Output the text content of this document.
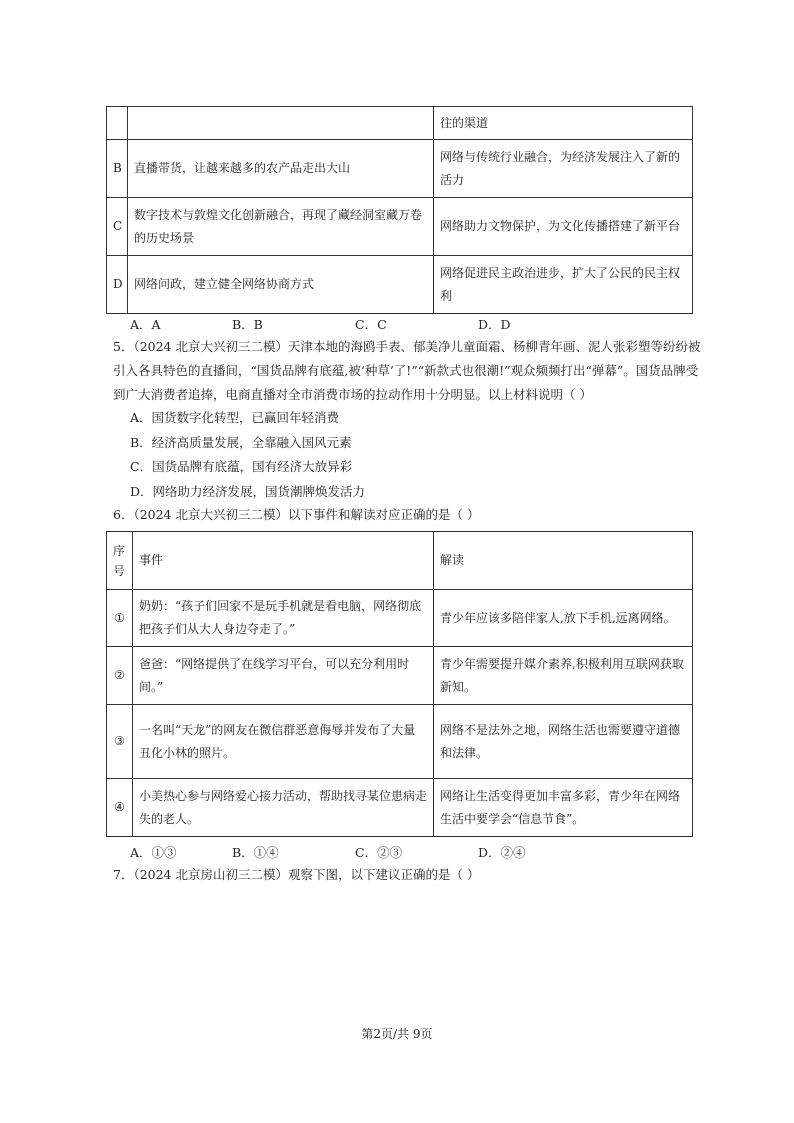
		往的渠道
B	直播带货，让越来越多的农产品走出大山	网络与传统行业融合，为经济发展注入了新的活力
C	数字技术与敦煌文化创新融合，再现了藏经洞室藏万卷的历史场景	网络助力文物保护，为文化传播搭建了新平台
D	网络问政，建立健全网络协商方式	网络促进民主政治进步，扩大了公民的民主权利
A．A	B．B	C．C	D．D
5．（2024 北京大兴初三二模）天津本地的海鸥手表、郁美净儿童面霜、杨柳青年画、泥人张彩塑等纷纷被
引入各具特色的直播间，“国货品牌有底蕴,被‘种草’了!”“新款式也很潮!”观众频频打出“弹幕”。国货品牌受
到广大消费者追捧，电商直播对全市消费市场的拉动作用十分明显。以上材料说明（ ）
A．国货数字化转型，已赢回年轻消费
B．经济高质量发展，全靠融入国风元素
C．国货品牌有底蕴，国有经济大放异彩
D．网络助力经济发展，国货潮牌焕发活力
6．（2024 北京大兴初三二模）以下事件和解读对应正确的是（ ）
序号	事件	解读
①	奶奶：“孩子们回家不是玩手机就是看电脑，网络彻底把孩子们从大人身边夺走了。”	青少年应该多陪伴家人,放下手机,远离网络。
②	爸爸：“网络提供了在线学习平台，可以充分利用时间。”	青少年需要提升媒介素养,积极利用互联网获取新知。
③	一名叫“天龙”的网友在微信群恶意侮辱并发布了大量丑化小林的照片。	网络不是法外之地，网络生活也需要遵守道德和法律。
④	小美热心参与网络爱心接力活动，帮助找寻某位患病走失的老人。	网络让生活变得更加丰富多彩，青少年在网络生活中要学会“信息节食”。
A．①③	B．①④	C．②③	D．②④
7．（2024 北京房山初三二模）观察下图，以下建议正确的是（ ）
第2页/共 9页
